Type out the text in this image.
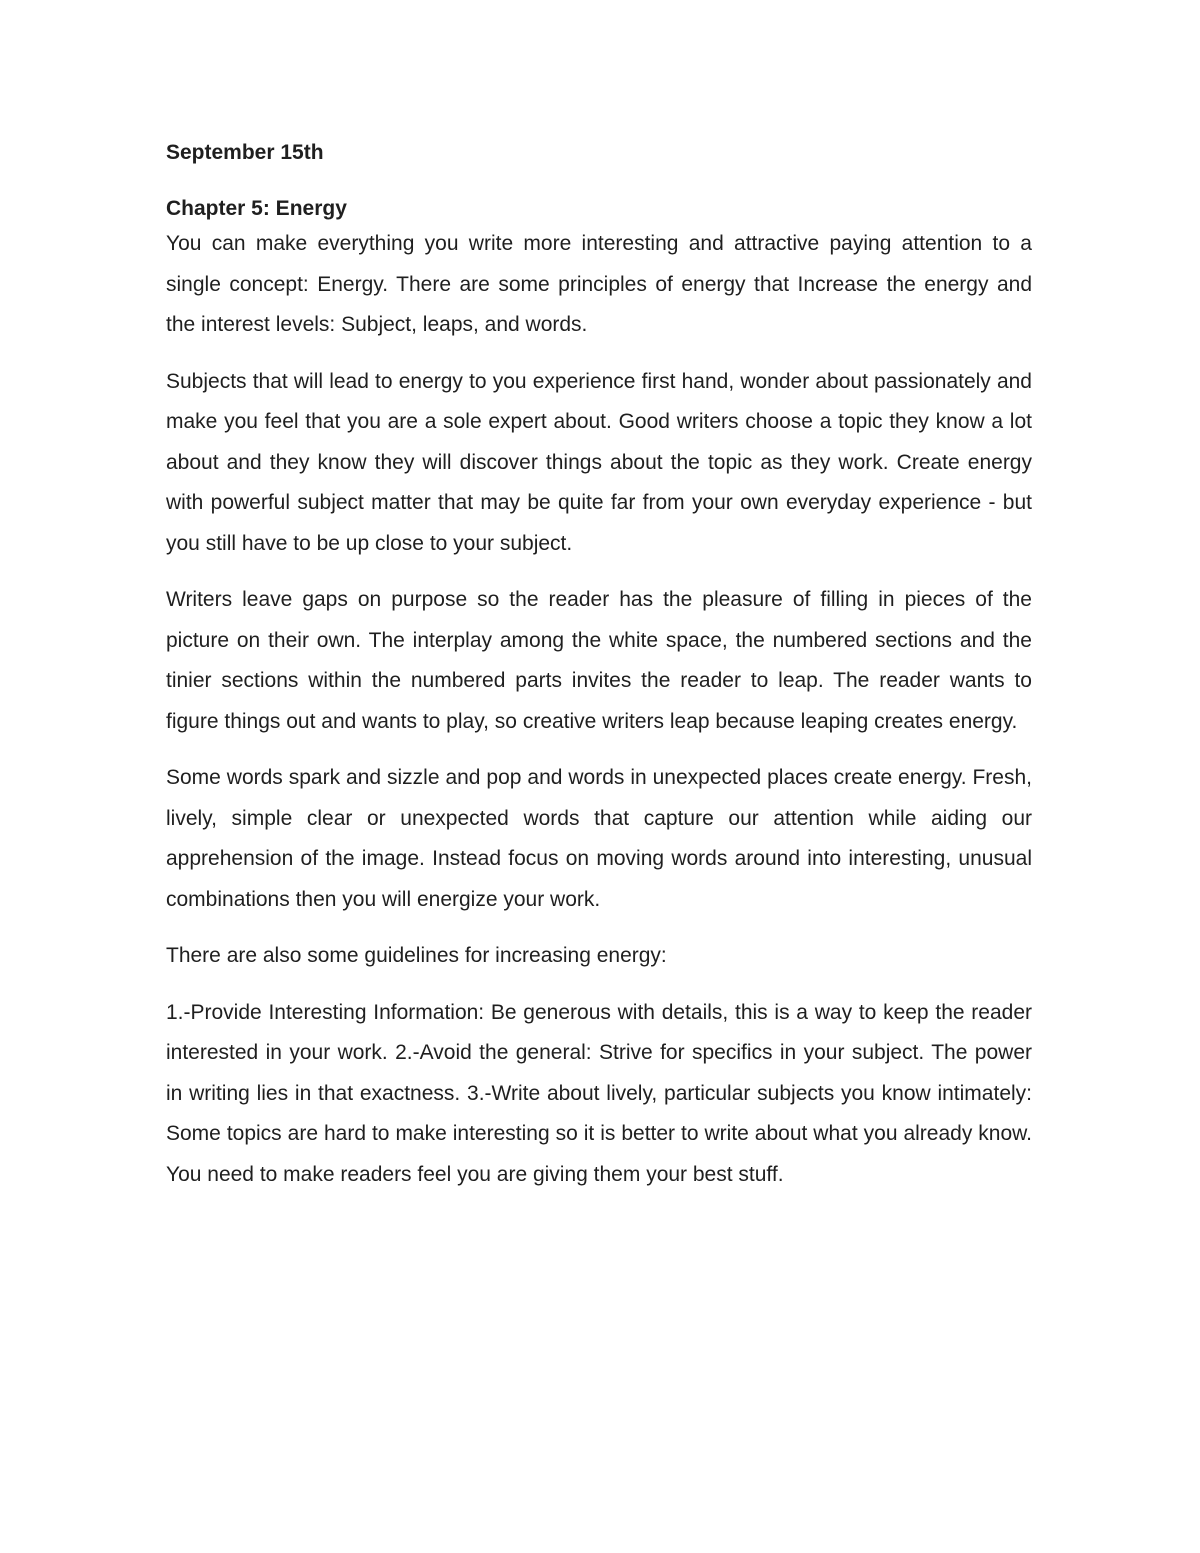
September 15th
Chapter 5: Energy

You can make everything you write more interesting and attractive paying attention to a single concept: Energy. There are some principles of energy that Increase the energy and the interest levels: Subject, leaps, and words.

Subjects that will lead to energy to you experience first hand, wonder about passionately and make you feel that you are a sole expert about. Good writers choose a topic they know a lot about and they know they will discover things about the topic as they work. Create energy with powerful subject matter that may be quite far from your own everyday experience - but you still have to be up close to your subject.

Writers leave gaps on purpose so the reader has the pleasure of filling in pieces of the picture on their own. The interplay among the white space, the numbered sections and the tinier sections within the numbered parts invites the reader to leap. The reader wants to figure things out and wants to play, so creative writers leap because leaping creates energy.

Some words spark and sizzle and pop and words in unexpected places create energy. Fresh, lively, simple clear or unexpected words that capture our attention while aiding our apprehension of the image. Instead focus on moving words around into interesting, unusual combinations then you will energize your work.

There are also some guidelines for increasing energy:

1.-Provide Interesting Information: Be generous with details, this is a way to keep the reader interested in your work. 2.-Avoid the general: Strive for specifics in your subject. The power in writing lies in that exactness. 3.-Write about lively, particular subjects you know intimately: Some topics are hard to make interesting so it is better to write about what you already know. You need to make readers feel you are giving them your best stuff.
